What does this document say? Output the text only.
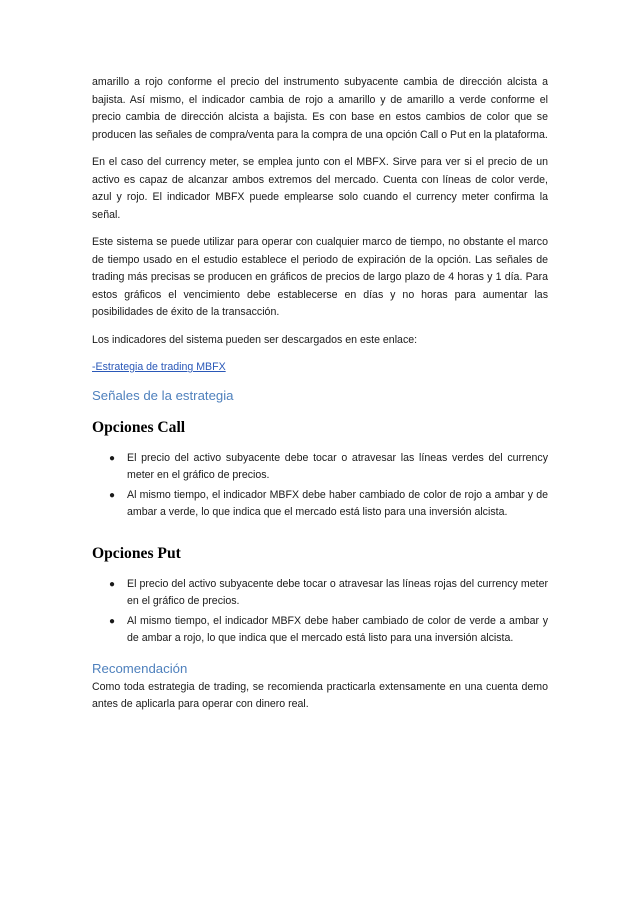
amarillo a rojo conforme el precio del instrumento subyacente cambia de dirección alcista a bajista. Así mismo, el indicador cambia de rojo a amarillo y de amarillo a verde conforme el precio cambia de dirección alcista a bajista. Es con base en estos cambios de color que se producen las señales de compra/venta para la compra de una opción Call o Put en la plataforma.

En el caso del currency meter, se emplea junto con el MBFX. Sirve para ver si el precio de un activo es capaz de alcanzar ambos extremos del mercado. Cuenta con líneas de color verde, azul y rojo. El indicador MBFX puede emplearse solo cuando el currency meter confirma la señal.

Este sistema se puede utilizar para operar con cualquier marco de tiempo, no obstante el marco de tiempo usado en el estudio establece el periodo de expiración de la opción. Las señales de trading más precisas se producen en gráficos de precios de largo plazo de 4 horas y 1 día. Para estos gráficos el vencimiento debe establecerse en días y no horas para aumentar las posibilidades de éxito de la transacción.

Los indicadores del sistema pueden ser descargados en este enlace:

-Estrategia de trading MBFX

Señales de la estrategia
Opciones Call
● El precio del activo subyacente debe tocar o atravesar las líneas verdes del currency meter en el gráfico de precios.
● Al mismo tiempo, el indicador MBFX debe haber cambiado de color de rojo a ambar y de ambar a verde, lo que indica que el mercado está listo para una inversión alcista.
Opciones Put
● El precio del activo subyacente debe tocar o atravesar las líneas rojas del currency meter en el gráfico de precios.
● Al mismo tiempo, el indicador MBFX debe haber cambiado de color de verde a ambar y de ambar a rojo, lo que indica que el mercado está listo para una inversión alcista.
Recomendación

Como toda estrategia de trading, se recomienda practicarla extensamente en una cuenta demo antes de aplicarla para operar con dinero real.
